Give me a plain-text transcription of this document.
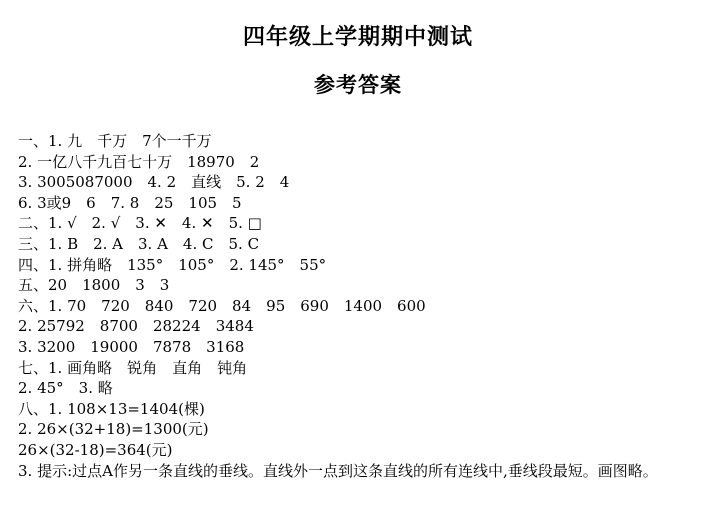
四年级上学期期中测试
参考答案
一、1. 九　千万　7个一千万
2. 一亿八千九百七十万　18970　2
3. 3005087000　4. 2　直线　5. 2　4
6. 3或9　6　7. 8　25　105　5
二、1. √　2. √　3. ✕　4. ✕　5. □
三、1. B　2. A　3. A　4. C　5. C
四、1. 拼角略　135°　105°　2. 145°　55°
五、20　1800　3　3
六、1. 70　720　840　720　84　95　690　1400　600
2. 25792　8700　28224　3484
3. 3200　19000　7878　3168
七、1. 画角略　锐角　直角　钝角
2. 45°　3. 略
八、1. 108×13=1404(棵)
2. 26×(32+18)=1300(元)
26×(32-18)=364(元)
3. 提示:过点A作另一条直线的垂线。直线外一点到这条直线的所有连线中,垂线段最短。画图略。
